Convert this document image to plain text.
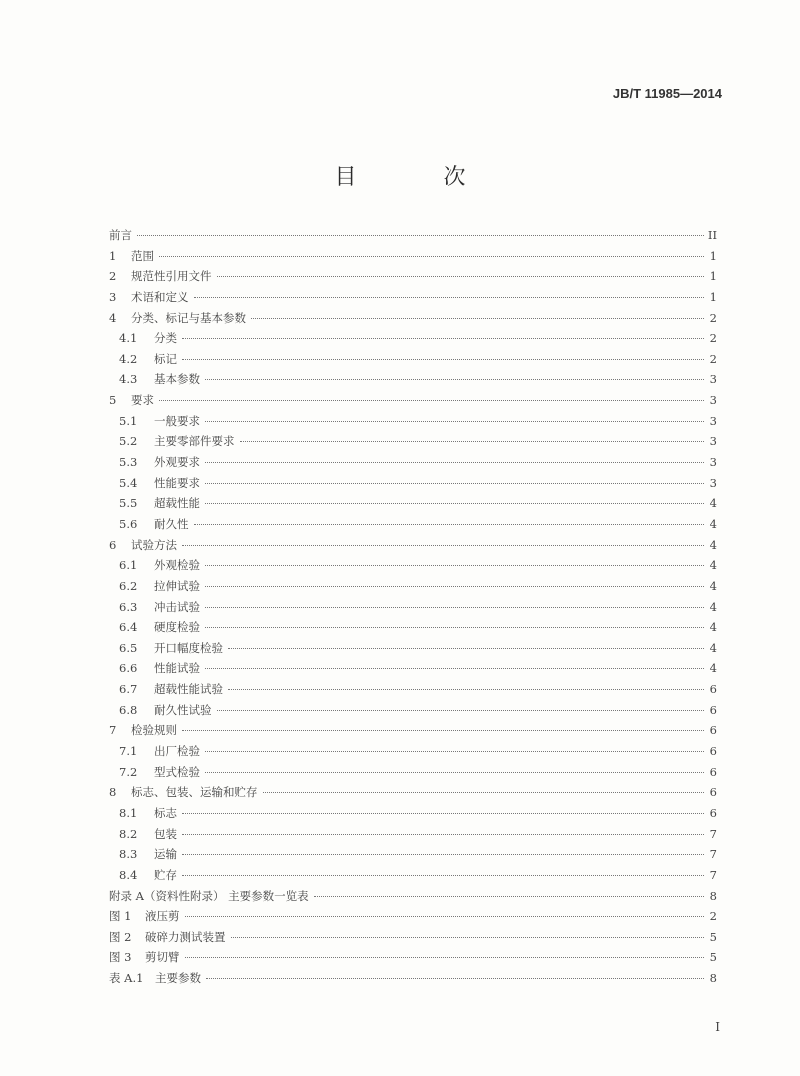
JB/T 11985—2014
目 次
前言	II
1	范围	1
2	规范性引用文件	1
3	术语和定义	1
4	分类、标记与基本参数	2
4.1	分类	2
4.2	标记	2
4.3	基本参数	3
5	要求	3
5.1	一般要求	3
5.2	主要零部件要求	3
5.3	外观要求	3
5.4	性能要求	3
5.5	超载性能	4
5.6	耐久性	4
6	试验方法	4
6.1	外观检验	4
6.2	拉伸试验	4
6.3	冲击试验	4
6.4	硬度检验	4
6.5	开口幅度检验	4
6.6	性能试验	4
6.7	超载性能试验	6
6.8	耐久性试验	6
7	检验规则	6
7.1	出厂检验	6
7.2	型式检验	6
8	标志、包装、运输和贮存	6
8.1	标志	6
8.2	包装	7
8.3	运输	7
8.4	贮存	7
附录 A（资料性附录） 主要参数一览表	8
图 1	液压剪	2
图 2	破碎力测试装置	5
图 3	剪切臂	5
表 A.1	主要参数	8
I
